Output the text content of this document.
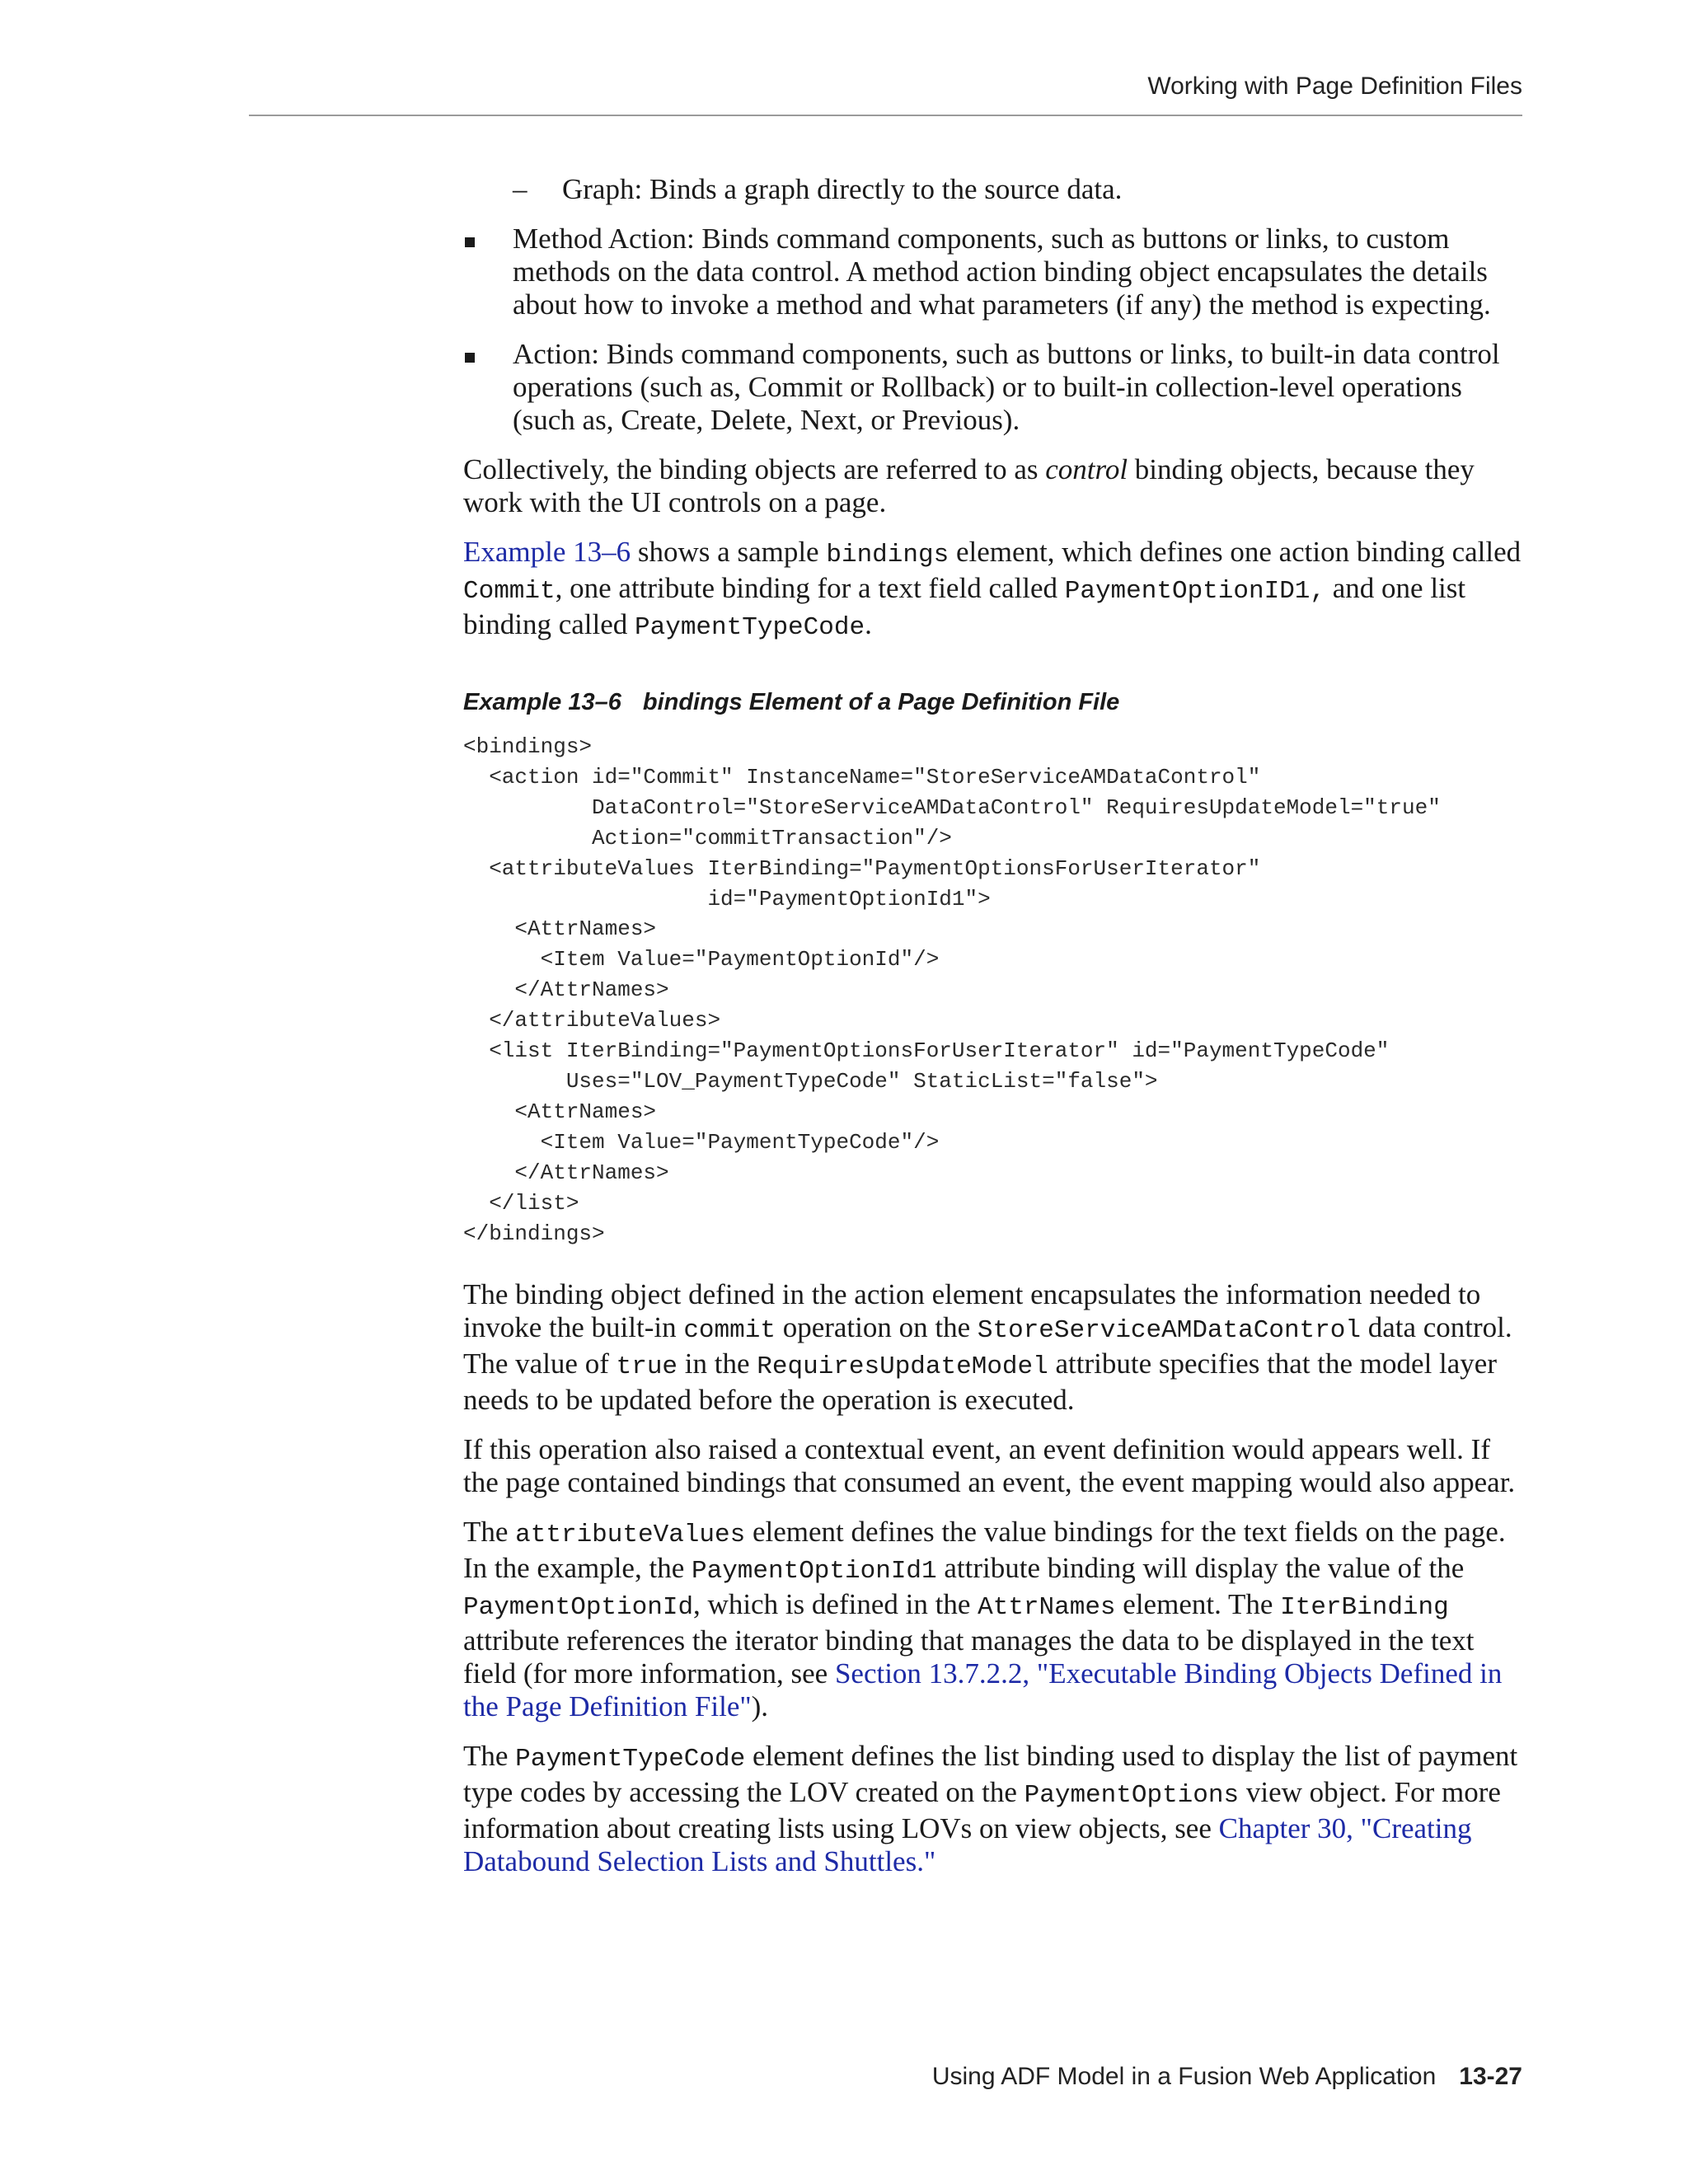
Working with Page Definition Files
– Graph: Binds a graph directly to the source data.
Method Action: Binds command components, such as buttons or links, to custom methods on the data control. A method action binding object encapsulates the details about how to invoke a method and what parameters (if any) the method is expecting.
Action: Binds command components, such as buttons or links, to built-in data control operations (such as, Commit or Rollback) or to built-in collection-level operations (such as, Create, Delete, Next, or Previous).

Collectively, the binding objects are referred to as control binding objects, because they work with the UI controls on a page.

Example 13–6 shows a sample bindings element, which defines one action binding called Commit, one attribute binding for a text field called PaymentOptionID1, and one list binding called PaymentTypeCode.

Example 13–6 bindings Element of a Page Definition File
<bindings>
<action id="Commit" InstanceName="StoreServiceAMDataControl"
DataControl="StoreServiceAMDataControl" RequiresUpdateModel="true"
Action="commitTransaction"/>
<attributeValues IterBinding="PaymentOptionsForUserIterator"
id="PaymentOptionId1">
<AttrNames>
<Item Value="PaymentOptionId"/>
</AttrNames>
</attributeValues>
<list IterBinding="PaymentOptionsForUserIterator" id="PaymentTypeCode"
Uses="LOV_PaymentTypeCode" StaticList="false">
<AttrNames>
<Item Value="PaymentTypeCode"/>
</AttrNames>
</list>
</bindings>

The binding object defined in the action element encapsulates the information needed to invoke the built-in commit operation on the StoreServiceAMDataControl data control. The value of true in the RequiresUpdateModel attribute specifies that the model layer needs to be updated before the operation is executed.

If this operation also raised a contextual event, an event definition would appears well. If the page contained bindings that consumed an event, the event mapping would also appear.

The attributeValues element defines the value bindings for the text fields on the page. In the example, the PaymentOptionId1 attribute binding will display the value of the PaymentOptionId, which is defined in the AttrNames element. The IterBinding attribute references the iterator binding that manages the data to be displayed in the text field (for more information, see Section 13.7.2.2, "Executable Binding Objects Defined in the Page Definition File").

The PaymentTypeCode element defines the list binding used to display the list of payment type codes by accessing the LOV created on the PaymentOptions view object. For more information about creating lists using LOVs on view objects, see Chapter 30, "Creating Databound Selection Lists and Shuttles."

Using ADF Model in a Fusion Web Application 13-27
